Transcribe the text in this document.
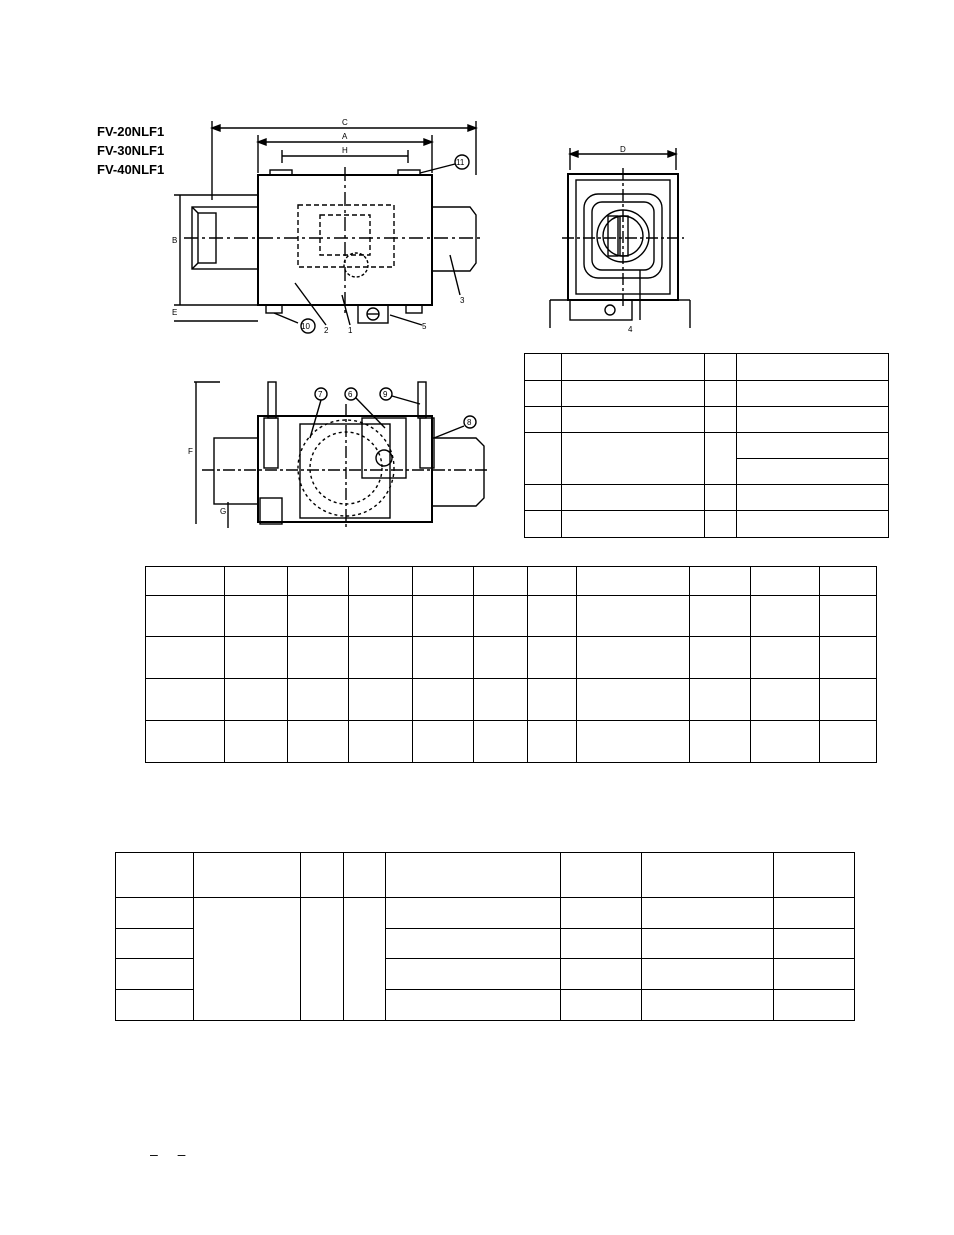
FV-20NLF1
FV-30NLF1
FV-40NLF1
C
A
H
B
E
11
3
10 2 1	5
D
4
F
G
7	6	9
8

– –
